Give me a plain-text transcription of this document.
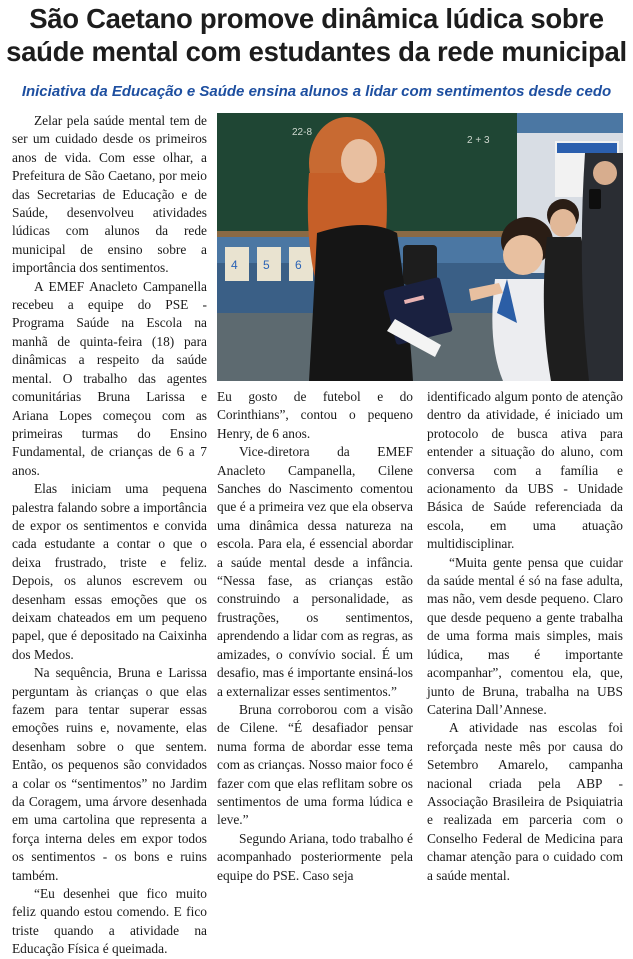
São Caetano promove dinâmica lúdica sobre saúde mental com estudantes da rede municipal
Iniciativa da Educação e Saúde ensina alunos a lidar com sentimentos desde cedo
22-8
2 + 3
4 5 6

Zelar pela saúde mental tem de ser um cuidado desde os primeiros anos de vida. Com esse olhar, a Prefeitura de São Caetano, por meio das Secretarias de Educação e de Saúde, desenvolveu atividades lúdicas com alunos da rede municipal de ensino sobre a importância dos sentimentos.

A EMEF Anacleto Campanella recebeu a equipe do PSE - Programa Saúde na Escola na manhã de quinta-feira (18) para dinâmicas a respeito da saúde mental. O trabalho das agentes comunitárias Bruna Larissa e Ariana Lopes começou com as primeiras turmas do Ensino Fundamental, de crianças de 6 a 7 anos.

Elas iniciam uma pequena palestra falando sobre a importância de expor os sentimentos e convida cada estudante a contar o que o deixa frustrado, triste e feliz. Depois, os alunos escrevem ou desenham essas emoções que os deixam chateados em um pequeno papel, que é depositado na Caixinha dos Medos.

Na sequência, Bruna e Larissa perguntam às crianças o que elas fazem para tentar superar essas emoções ruins e, novamente, elas desenham sobre o que sentem. Então, os pequenos são convidados a colar os “sentimentos” no Jardim da Coragem, uma árvore desenhada em uma cartolina que representa a força interna deles em expor todos os sentimentos - os bons e ruins também.

“Eu desenhei que fico muito feliz quando estou comendo. E fico triste quando a atividade na Educação Física é queimada.

Eu gosto de futebol e do Corinthians”, contou o pequeno Henry, de 6 anos.

Vice-diretora da EMEF Anacleto Campanella, Cilene Sanches do Nascimento comentou que é a primeira vez que ela observa uma dinâmica dessa natureza na escola. Para ela, é essencial abordar a saúde mental desde a infância. “Nessa fase, as crianças estão construindo a personalidade, as frustrações, os sentimentos, aprendendo a lidar com as regras, as amizades, o convívio social. É um desafio, mas é importante ensiná-los a externalizar esses sentimentos.”

Bruna corroborou com a visão de Cilene. “É desafiador pensar numa forma de abordar esse tema com as crianças. Nosso maior foco é fazer com que elas reflitam sobre os sentimentos de uma forma lúdica e leve.”

Segundo Ariana, todo trabalho é acompanhado posteriormente pela equipe do PSE. Caso seja

identificado algum ponto de atenção dentro da atividade, é iniciado um protocolo de busca ativa para entender a situação do aluno, com conversa com a família e acionamento da UBS - Unidade Básica de Saúde referenciada da escola, em uma atuação multidisciplinar.

“Muita gente pensa que cuidar da saúde mental é só na fase adulta, mas não, vem desde pequeno. Claro que desde pequeno a gente trabalha de uma forma mais simples, mais lúdica, mas é importante acompanhar”, comentou ela, que, junto de Bruna, trabalha na UBS Caterina Dall’Annese.

A atividade nas escolas foi reforçada neste mês por causa do Setembro Amarelo, campanha nacional criada pela ABP - Associação Brasileira de Psiquiatria e realizada em parceria com o Conselho Federal de Medicina para chamar atenção para o cuidado com a saúde mental.
